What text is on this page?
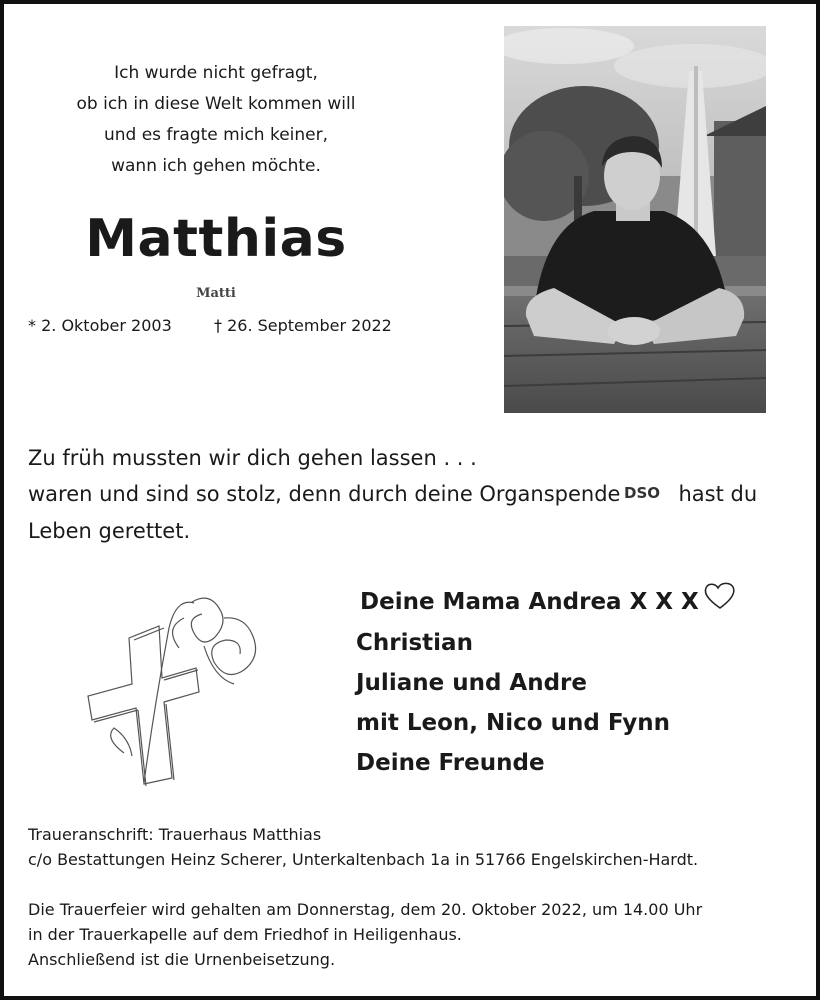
Ich wurde nicht gefragt,
ob ich in diese Welt kommen will
und es fragte mich keiner,
wann ich gehen möchte.
Matthias
Matti
* 2. Oktober 2003	† 26. September 2022
Zu früh mussten wir dich gehen lassen . . .
waren und sind so stolz, denn durch deine Organspende DSO hast du
Leben gerettet.
Deine Mama Andrea X X X
Christian
Juliane und Andre
mit Leon, Nico und Fynn
Deine Freunde
Traueranschrift: Trauerhaus Matthias
c/o Bestattungen Heinz Scherer, Unterkaltenbach 1a in 51766 Engelskirchen-Hardt.
Die Trauerfeier wird gehalten am Donnerstag, dem 20. Oktober 2022, um 14.00 Uhr
in der Trauerkapelle auf dem Friedhof in Heiligenhaus.
Anschließend ist die Urnenbeisetzung.
